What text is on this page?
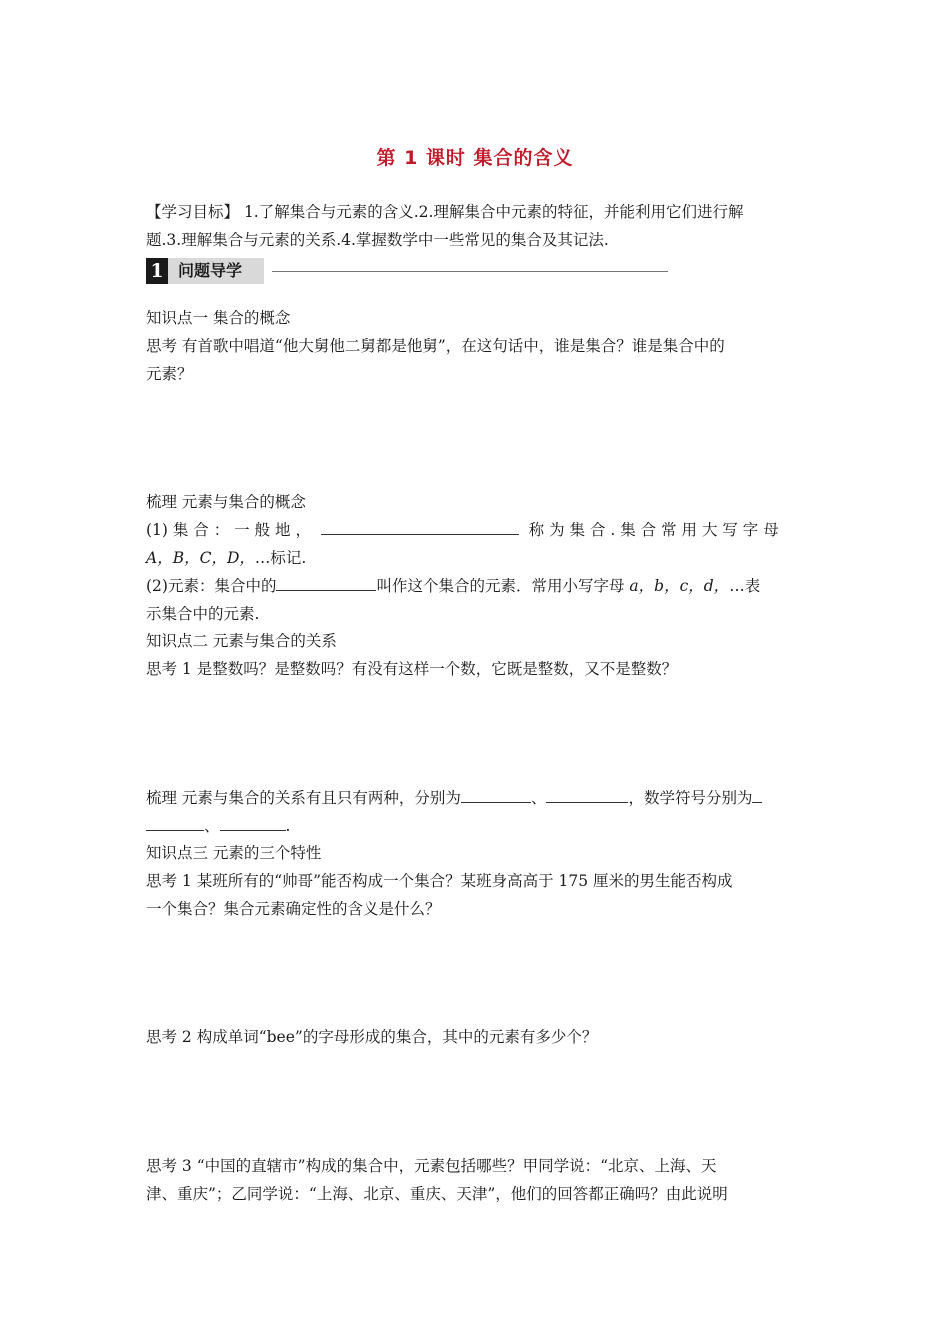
第 1 课时 集合的含义
【学习目标】 1.了解集合与元素的含义.2.理解集合中元素的特征，并能利用它们进行解
题.3.理解集合与元素的关系.4.掌握数学中一些常见的集合及其记法.
1 问题导学
知识点一 集合的概念
思考 有首歌中唱道“他大舅他二舅都是他舅”，在这句话中，谁是集合？谁是集合中的
元素？
梳理 元素与集合的概念
(1) 集 合 ： 一 般 地 ，	称 为 集 合 . 集 合 常 用 大 写 字 母
A，B，C，D，…标记.
(2)元素：集合中的	叫作这个集合的元素．常用小写字母 a，b，c，d，…表
示集合中的元素.
知识点二 元素与集合的关系
思考 1 是整数吗？是整数吗？有没有这样一个数，它既是整数，又不是整数？
梳理 元素与集合的关系有且只有两种，分别为	、	，数学符号分别为
、	.
知识点三 元素的三个特性
思考 1 某班所有的“帅哥”能否构成一个集合？某班身高高于 175 厘米的男生能否构成
一个集合？集合元素确定性的含义是什么？
思考 2 构成单词“bee”的字母形成的集合，其中的元素有多少个？
思考 3 “中国的直辖市”构成的集合中，元素包括哪些？甲同学说：“北京、上海、天
津、重庆”；乙同学说：“上海、北京、重庆、天津”，他们的回答都正确吗？由此说明
